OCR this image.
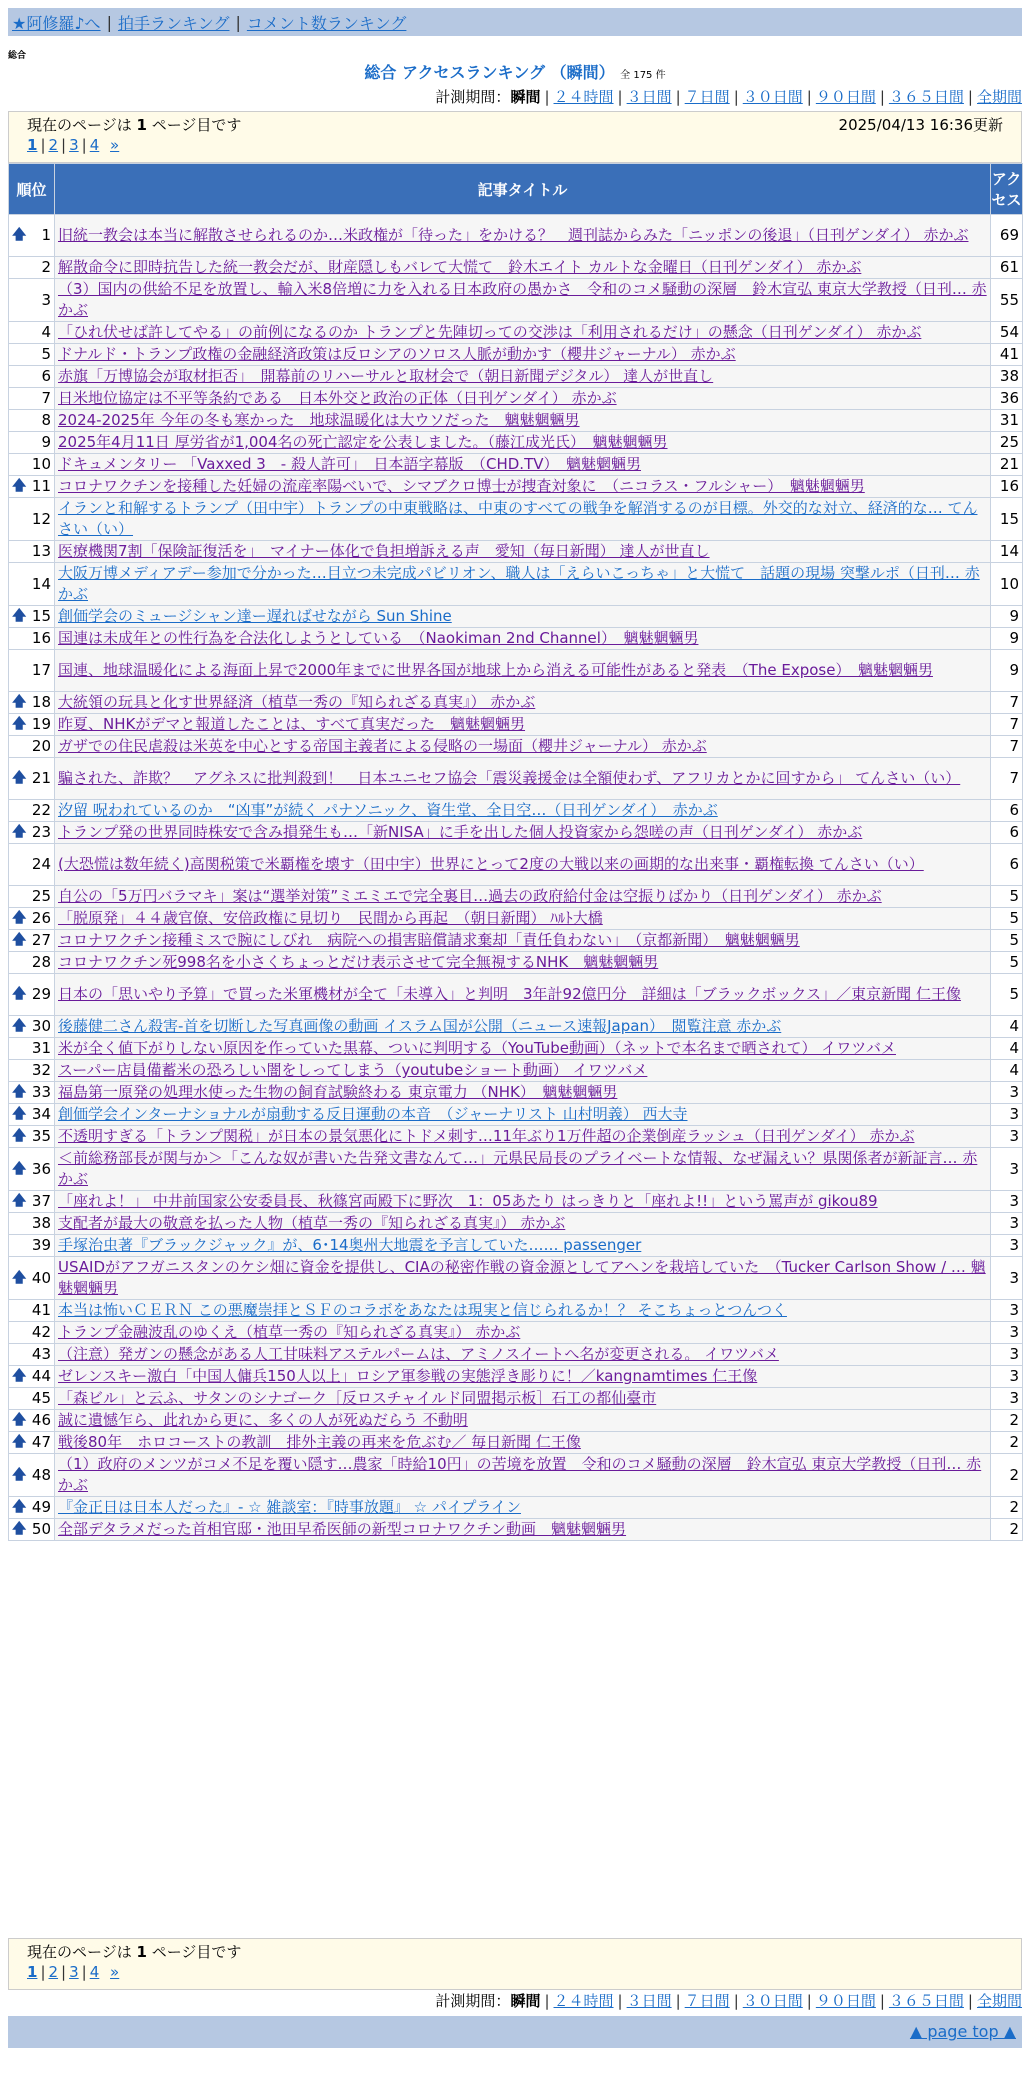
★阿修羅♪へ | 拍手ランキング | コメント数ランキング
総合
総合 アクセスランキング （瞬間） 全 175 件
計測期間：瞬間 | ２４時間 | ３日間 | ７日間 | ３０日間 | ９０日間 | ３６５日間 | 全期間
現在のページは 1 ページ目です	2025/04/13 16:36更新
1 | 2 | 3 | 4 »
順位	記事タイトル	アクセス

🡅 1	旧統一教会は本当に解散させられるのか…米政権が「待った」をかける？　週刊誌からみた「ニッポンの後退」（日刊ゲンダイ） 赤かぶ	69
2	解散命令に即時抗告した統一教会だが、財産隠しもバレて大慌て　鈴木エイト カルトな金曜日（日刊ゲンダイ） 赤かぶ	61
3	（3）国内の供給不足を放置し、輸入米8倍増に力を入れる日本政府の愚かさ　令和のコメ騒動の深層　鈴木宣弘 東京大学教授（日刊… 赤かぶ	55
4	「ひれ伏せば許してやる」の前例になるのか トランプと先陣切っての交渉は「利用されるだけ」の懸念（日刊ゲンダイ） 赤かぶ	54
5	ドナルド・トランプ政権の金融経済政策は反ロシアのソロス人脈が動かす（櫻井ジャーナル） 赤かぶ	41
6	赤旗「万博協会が取材拒否」　開幕前のリハーサルと取材会で（朝日新聞デジタル） 達人が世直し	38
7	日米地位協定は不平等条約である　日本外交と政治の正体（日刊ゲンダイ） 赤かぶ	36
8	2024-2025年 今年の冬も寒かった　地球温暖化は大ウソだった　魑魅魍魎男	31
9	2025年4月11日 厚労省が1,004名の死亡認定を公表しました。（藤江成光氏）　魑魅魍魎男	25
10	ドキュメンタリー 「Vaxxed 3　- 殺人許可」　日本語字幕版　（CHD.TV）　魑魅魍魎男	21

🡅 11	コロナワクチンを接種した妊婦の流産率陽べいで、シマブクロ博士が捜査対象に　（ニコラス・フルシャー）　魑魅魍魎男	16
12	イランと和解するトランプ（田中宇）トランプの中東戦略は、中東のすべての戦争を解消するのが目標。外交的な対立、経済的な… てんさい（い）	15
13	医療機関7割「保険証復活を」　マイナー体化で負担増訴える声　愛知（毎日新聞） 達人が世直し	14
14	大阪万博メディアデー参加で分かった…目立つ未完成パビリオン、職人は「えらいこっちゃ」と大慌て　話題の現場 突撃ルポ（日刊… 赤かぶ	10

🡅 15	創価学会のミュージシャン達ー遅ればせながら Sun Shine	9
16	国連は未成年との性行為を合法化しようとしている　（Naokiman 2nd Channel）　魑魅魍魎男	9
17	国連、地球温暖化による海面上昇で2000年までに世界各国が地球上から消える可能性があると発表　（The Expose）　魑魅魍魎男	9

🡅 18	大統領の玩具と化す世界経済（植草一秀の『知られざる真実』） 赤かぶ	7

🡅 19	昨夏、NHKがデマと報道したことは、すべて真実だった　魑魅魍魎男	7
20	ガザでの住民虐殺は米英を中心とする帝国主義者による侵略の一場面（櫻井ジャーナル） 赤かぶ	7

🡅 21	騙された、詐欺？　アグネスに批判殺到！　日本ユニセフ協会「震災義援金は全額使わず、アフリカとかに回すから」 てんさい（い）	7
22	汐留 呪われているのか　“凶事”が続く パナソニック、資生堂、全日空…（日刊ゲンダイ）　赤かぶ	6

🡅 23	トランプ発の世界同時株安で含み損発生も…「新NISA」に手を出した個人投資家から怨嗟の声（日刊ゲンダイ） 赤かぶ	6
24	(大恐慌は数年続く)高関税策で米覇権を壊す（田中宇）世界にとって2度の大戦以来の画期的な出来事・覇権転換 てんさい（い）	6
25	自公の「5万円バラマキ」案は“選挙対策”ミエミエで完全裏目…過去の政府給付金は空振りばかり（日刊ゲンダイ） 赤かぶ	5

🡅 26	「脱原発」４４歳官僚、安倍政権に見切り　民間から再起　（朝日新聞） ﾊﾙﾄ大橋	5

🡅 27	コロナワクチン接種ミスで腕にしびれ　病院への損害賠償請求棄却「責任負わない」　（京都新聞）　魑魅魍魎男	5
28	コロナワクチン死998名を小さくちょっとだけ表示させて完全無視するNHK　魑魅魍魎男	5

🡅 29	日本の「思いやり予算」で買った米軍機材が全て「未導入」と判明　3年計92億円分　詳細は「ブラックボックス」／東京新聞 仁王像	5

🡅 30	後藤健二さん殺害-首を切断した写真画像の動画 イスラム国が公開（ニュース速報Japan）　閲覧注意 赤かぶ	4
31	米が全く値下がりしない原因を作っていた黒幕、ついに判明する（YouTube動画）（ネットで本名まで晒されて） イワツバメ	4
32	スーパー店員備蓄米の恐ろしい闇をしってしまう（youtubeショート動画） イワツバメ	4

🡅 33	福島第一原発の処理水使った生物の飼育試験終わる 東京電力 （NHK）　魑魅魍魎男	3

🡅 34	創価学会インターナショナルが扇動する反日運動の本音　（ジャーナリスト 山村明義） 西大寺	3

🡅 35	不透明すぎる「トランプ関税」が日本の景気悪化にトドメ刺す…11年ぶり1万件超の企業倒産ラッシュ（日刊ゲンダイ） 赤かぶ	3

🡅 36	＜前総務部長が関与か＞「こんな奴が書いた告発文書なんて…」元県民局長のプライベートな情報、なぜ漏えい？県関係者が新証言… 赤かぶ	3

🡅 37	「座れよ！」 中井前国家公安委員長、秋篠宮両殿下に野次　1：05あたり はっきりと「座れよ!!」という罵声が gikou89	3
38	支配者が最大の敬意を払った人物（植草一秀の『知られざる真実』） 赤かぶ	3
39	手塚治虫著『ブラックジャック』が、6･14奥州大地震を予言していた…… passenger	3

🡅 40	USAIDがアフガニスタンのケシ畑に資金を提供し、CIAの秘密作戦の資金源としてアヘンを栽培していた　（Tucker Carlson Show / … 魑魅魍魎男	3
41	本当は怖いＣＥＲＮ この悪魔崇拝とＳＦのコラボをあなたは現実と信じられるか！？ そこちょっとつんつく	3
42	トランプ金融波乱のゆくえ（植草一秀の『知られざる真実』） 赤かぶ	3
43	（注意）発ガンの懸念がある人工甘味料アステルパームは、アミノスイートへ名が変更される。 イワツバメ	3

🡅 44	ゼレンスキー激白「中国人傭兵150人以上」ロシア軍参戦の実態浮き彫りに！／kangnamtimes 仁王像	3
45	「森ビル」と云ふ、サタンのシナゴーク［反ロスチャイルド同盟掲示板］石工の都仙臺市	3

🡅 46	誠に遺憾乍ら、此れから更に、多くの人が死ぬだらう 不動明	2

🡅 47	戦後80年　ホロコーストの教訓　排外主義の再来を危ぶむ／ 毎日新聞 仁王像	2

🡅 48	（1）政府のメンツがコメ不足を覆い隠す…農家「時給10円」の苦境を放置　令和のコメ騒動の深層　鈴木宣弘 東京大学教授（日刊… 赤かぶ	2

🡅 49	『金正日は日本人だった』- ☆ 雑談室：『時事放題』 ☆ パイプライン	2

🡅 50	全部デタラメだった首相官邸・池田早希医師の新型コロナワクチン動画　魑魅魍魎男	2
現在のページは 1 ページ目です
1 | 2 | 3 | 4 »
計測期間：瞬間 | ２４時間 | ３日間 | ７日間 | ３０日間 | ９０日間 | ３６５日間 | 全期間
▲ page top ▲
